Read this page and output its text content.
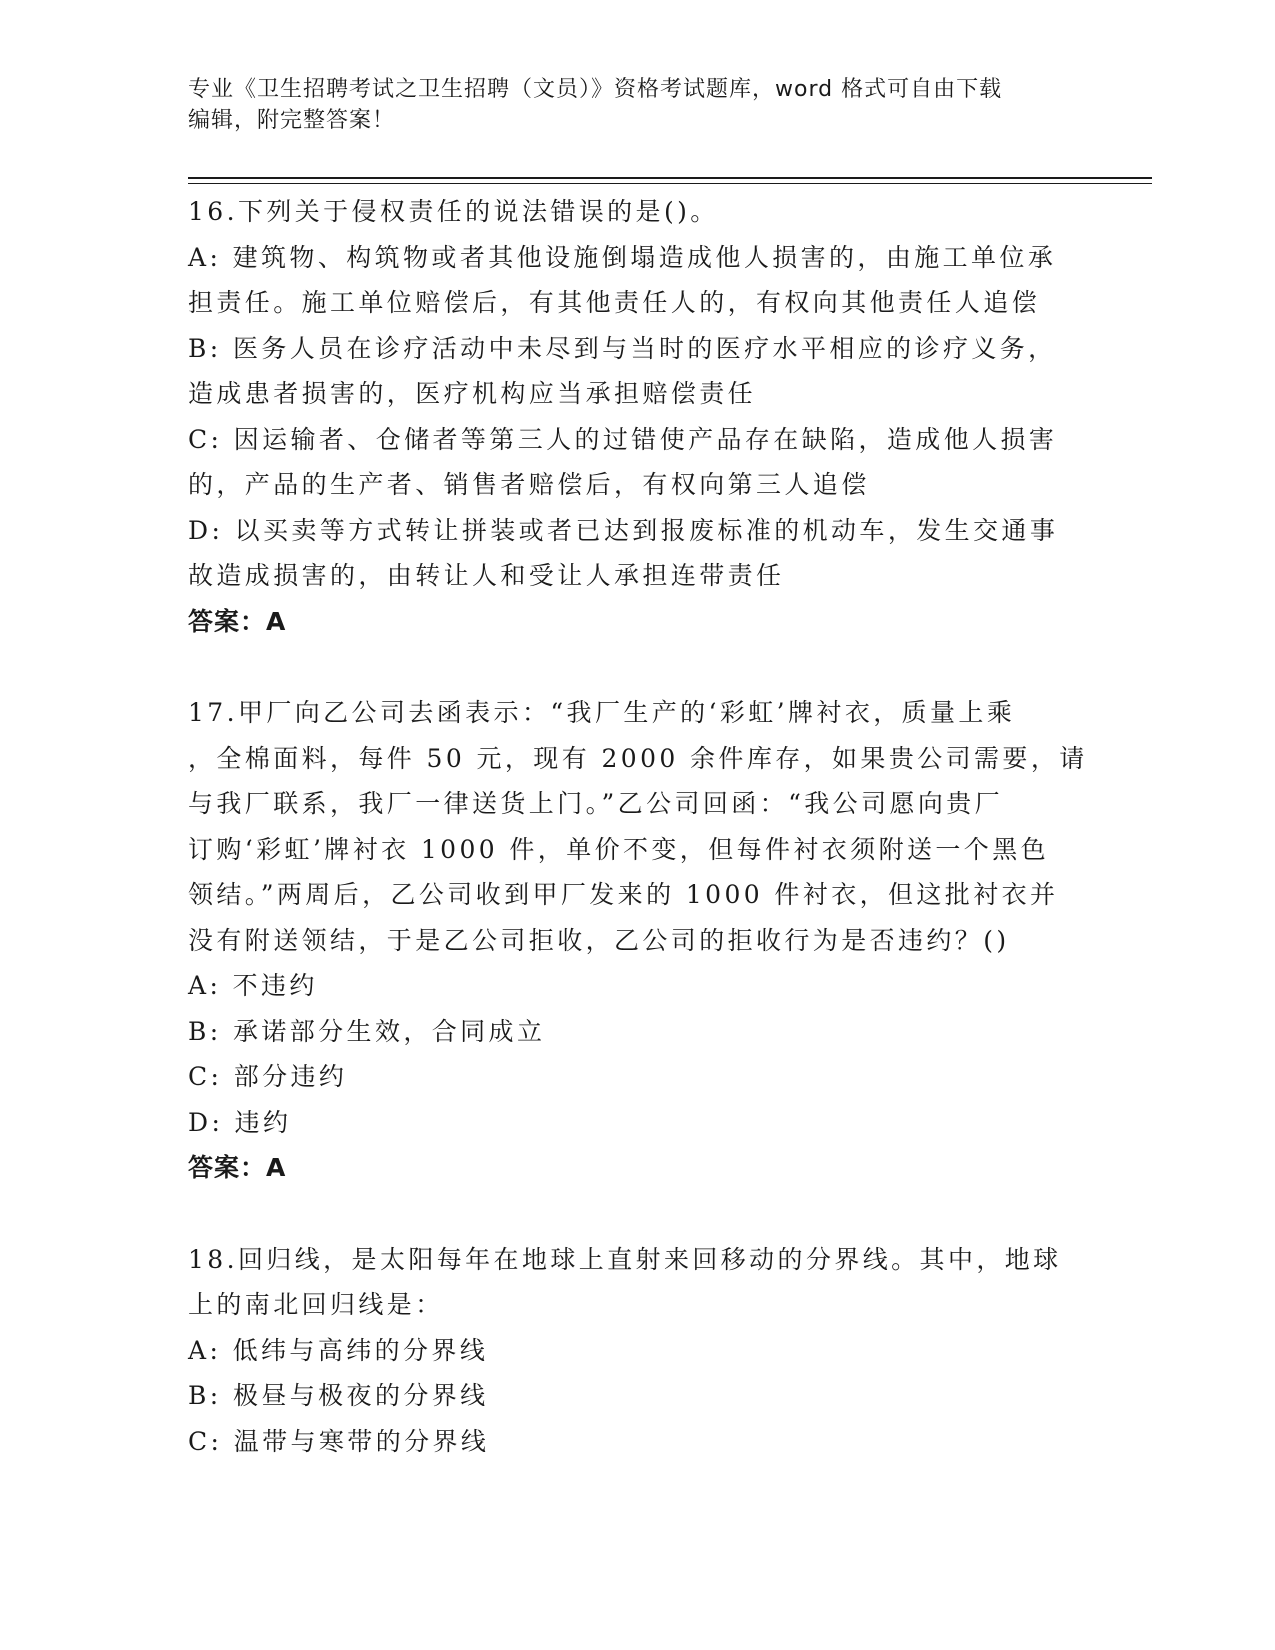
专业《卫生招聘考试之卫生招聘（文员）》资格考试题库，word 格式可自由下载
编辑，附完整答案！
16.下列关于侵权责任的说法错误的是()。
A: 建筑物、构筑物或者其他设施倒塌造成他人损害的，由施工单位承
担责任。施工单位赔偿后，有其他责任人的，有权向其他责任人追偿
B: 医务人员在诊疗活动中未尽到与当时的医疗水平相应的诊疗义务，
造成患者损害的，医疗机构应当承担赔偿责任
C: 因运输者、仓储者等第三人的过错使产品存在缺陷，造成他人损害
的，产品的生产者、销售者赔偿后，有权向第三人追偿
D: 以买卖等方式转让拼装或者已达到报废标准的机动车，发生交通事
故造成损害的，由转让人和受让人承担连带责任
答案：A
17.甲厂向乙公司去函表示：“我厂生产的‘彩虹’牌衬衣，质量上乘
，全棉面料，每件 50 元，现有 2000 余件库存，如果贵公司需要，请
与我厂联系，我厂一律送货上门。”乙公司回函：“我公司愿向贵厂
订购‘彩虹’牌衬衣 1000 件，单价不变，但每件衬衣须附送一个黑色
领结。”两周后，乙公司收到甲厂发来的 1000 件衬衣，但这批衬衣并
没有附送领结，于是乙公司拒收，乙公司的拒收行为是否违约？()
A: 不违约
B: 承诺部分生效，合同成立
C: 部分违约
D: 违约
答案：A
18.回归线，是太阳每年在地球上直射来回移动的分界线。其中，地球
上的南北回归线是：
A: 低纬与高纬的分界线
B: 极昼与极夜的分界线
C: 温带与寒带的分界线
